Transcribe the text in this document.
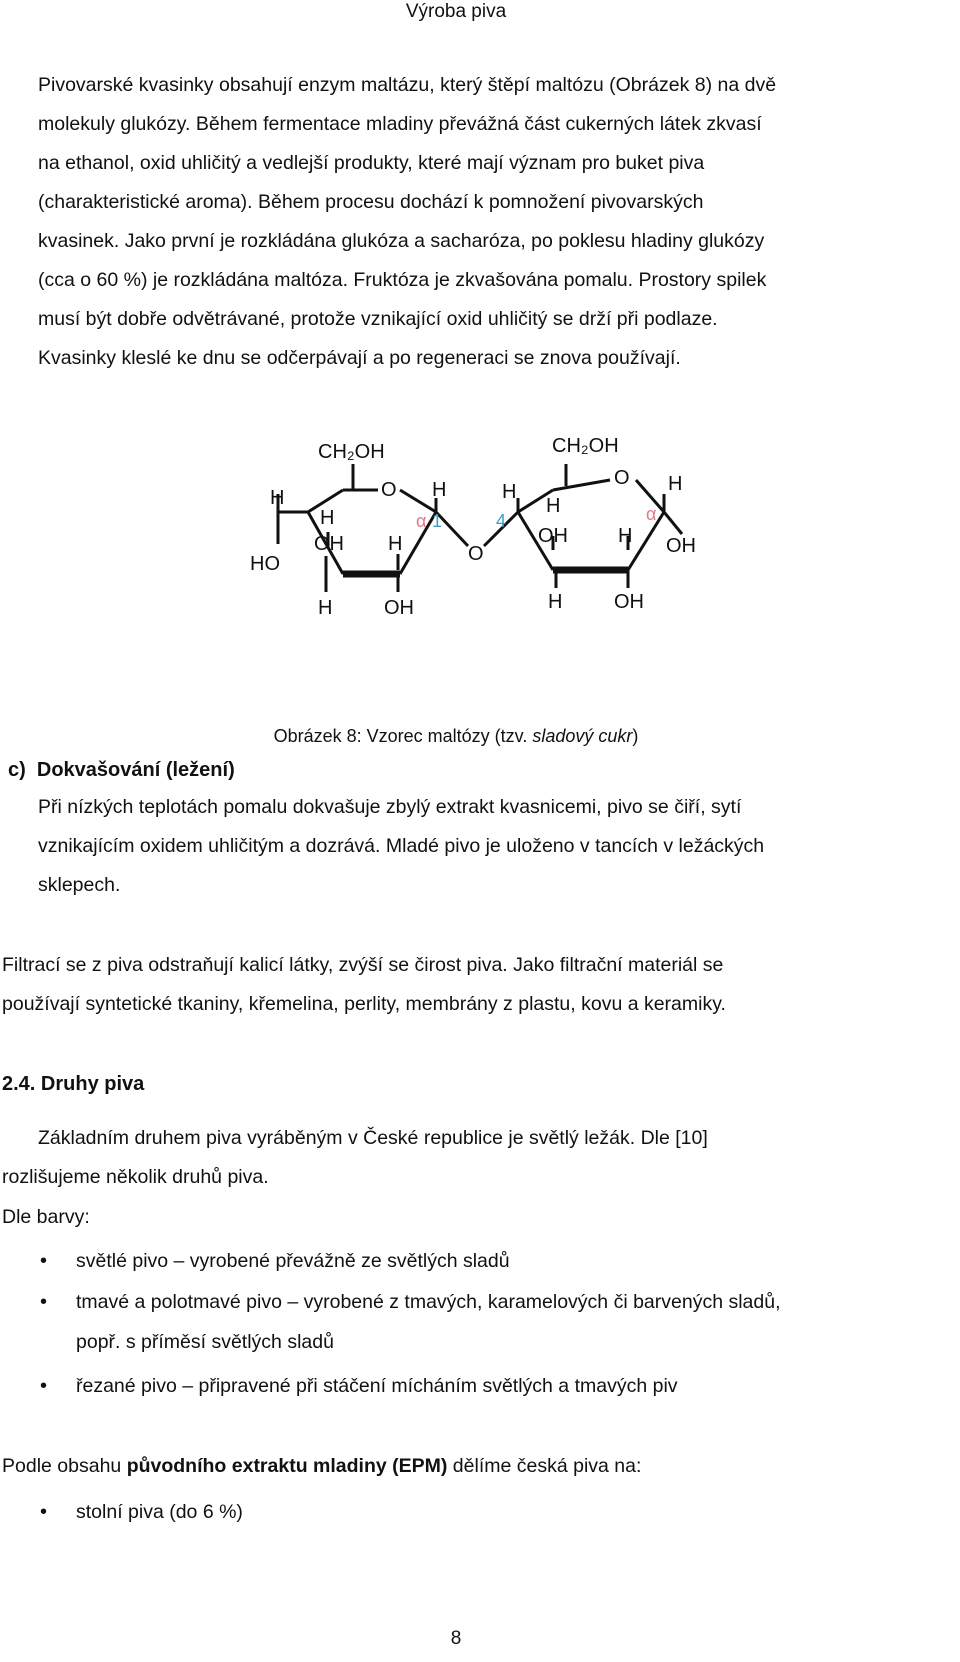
Výroba piva
Pivovarské kvasinky obsahují enzym maltázu, který štěpí maltózu (Obrázek 8) na dvě
molekuly glukózy. Během fermentace mladiny převážná část cukerných látek zkvasí
na ethanol, oxid uhličitý a vedlejší produkty, které mají význam pro buket piva
(charakteristické aroma). Během procesu dochází k pomnožení pivovarských
kvasinek. Jako první je rozkládána glukóza a sacharóza, po poklesu hladiny glukózy
(cca o 60 %) je rozkládána maltóza. Fruktóza je zkvašována pomalu. Prostory spilek
musí být dobře odvětrávané, protože vznikající oxid uhličitý se drží při podlaze.
Kvasinky kleslé ke dnu se odčerpávají a po regeneraci se znova používají.
CH₂OH
O
H
H
OH H
HO
H	OH
H
α 1
O
CH₂OH
O
H
4
H
OH	H
H
α
OH
H	OH
Obrázek 8: Vzorec maltózy (tzv. sladový cukr)
c)  Dokvašování (ležení)
Při nízkých teplotách pomalu dokvašuje zbylý extrakt kvasnicemi, pivo se čiří, sytí
vznikajícím oxidem uhličitým a dozrává. Mladé pivo je uloženo v tancích v ležáckých
sklepech.
Filtrací se z piva odstraňují kalicí látky, zvýší se čirost piva. Jako filtrační materiál se
používají syntetické tkaniny, křemelina, perlity, membrány z plastu, kovu a keramiky.
2.4. Druhy piva
Základním druhem piva vyráběným v České republice je světlý ležák. Dle [10]
rozlišujeme několik druhů piva.
Dle barvy:
• světlé pivo – vyrobené převážně ze světlých sladů
• tmavé a polotmavé pivo – vyrobené z tmavých, karamelových či barvených sladů,
popř. s příměsí světlých sladů
• řezané pivo – připravené při stáčení mícháním světlých a tmavých piv
Podle obsahu původního extraktu mladiny (EPM) dělíme česká piva na:
• stolní piva (do 6 %)
8
